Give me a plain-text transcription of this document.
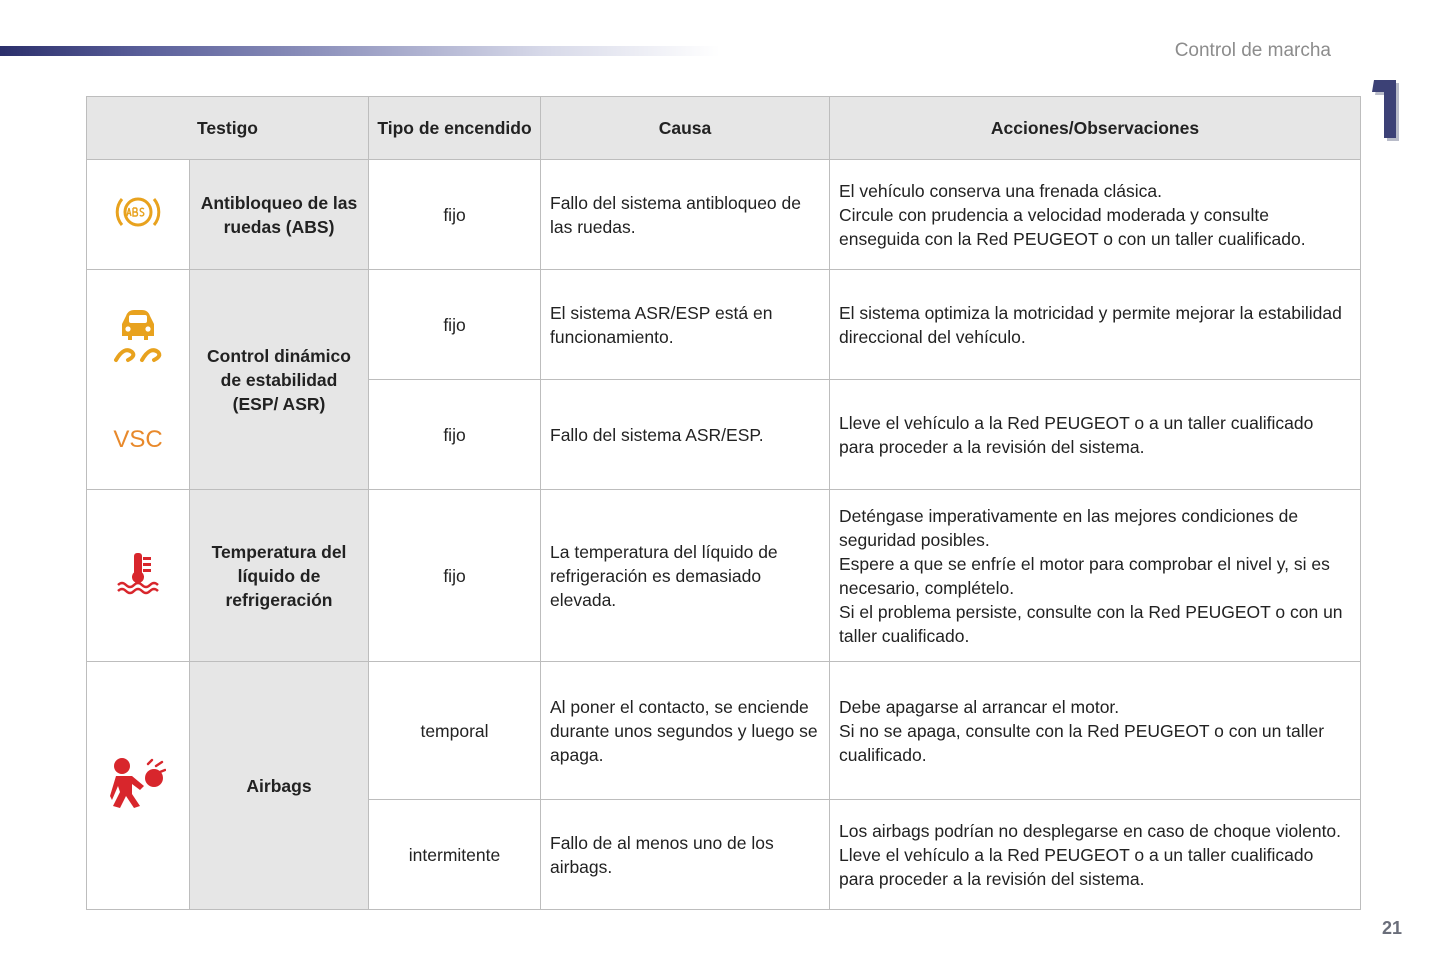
Control de marcha
Testigo		Tipo de encendido	Causa	Acciones/Observaciones
	Antibloqueo de las ruedas (ABS)	fijo	Fallo del sistema antibloqueo de las ruedas.	El vehículo conserva una frenada clásica.
Circule con prudencia a velocidad moderada y consulte enseguida con la Red PEUGEOT o con un taller cualificado.

VSC	Control dinámico de estabilidad (ESP/ ASR)	fijo	El sistema ASR/ESP está en funcionamiento.	El sistema optimiza la motricidad y permite mejorar la estabilidad direccional del vehículo.
		fijo	Fallo del sistema ASR/ESP.	Lleve el vehículo a la Red PEUGEOT o a un taller cualificado para proceder a la revisión del sistema.
	Temperatura del líquido de refrigeración	fijo	La temperatura del líquido de refrigeración es demasiado elevada.	Deténgase imperativamente en las mejores condiciones de seguridad posibles.
Espere a que se enfríe el motor para comprobar el nivel y, si es necesario, complételo.
Si el problema persiste, consulte con la Red PEUGEOT o con un taller cualificado.

	Airbags	temporal	Al poner el contacto, se enciende durante unos segundos y luego se apaga.	Debe apagarse al arrancar el motor.
Si no se apaga, consulte con la Red PEUGEOT o con un taller cualificado.

		intermitente	Fallo de al menos uno de los airbags.	Los airbags podrían no desplegarse en caso de choque violento. Lleve el vehículo a la Red PEUGEOT o a un taller cualificado para proceder a la revisión del sistema.
21
